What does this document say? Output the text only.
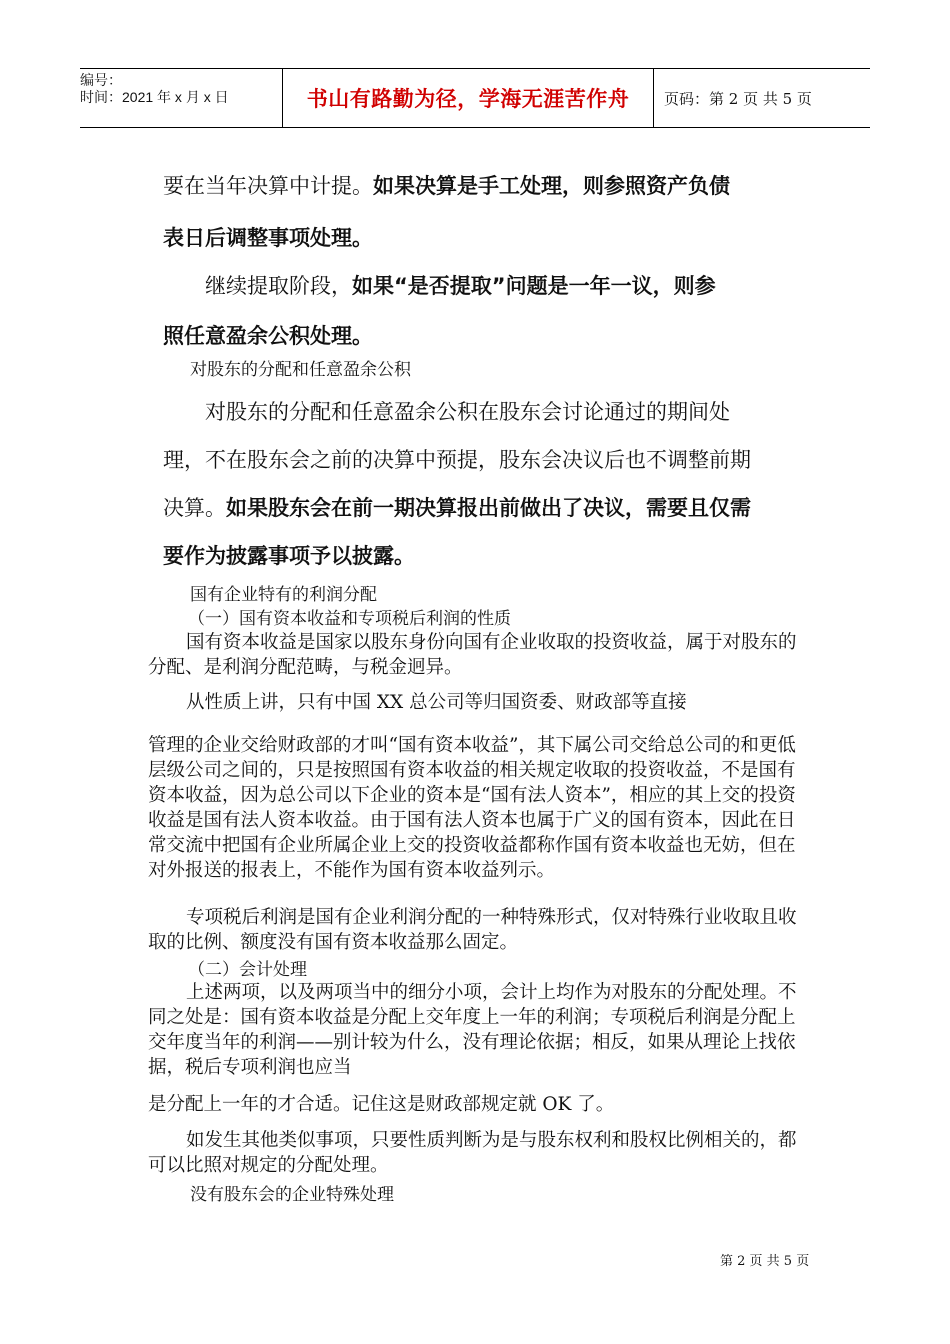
编号：
时间：2021 年 x 月 x 日	书山有路勤为径，学海无涯苦作舟	页码：第 2 页 共 5 页
要在当年决算中计提。如果决算是手工处理，则参照资产负债
表日后调整事项处理。
继续提取阶段，如果“是否提取”问题是一年一议，则参
照任意盈余公积处理。
对股东的分配和任意盈余公积
对股东的分配和任意盈余公积在股东会讨论通过的期间处
理，不在股东会之前的决算中预提，股东会决议后也不调整前期
决算。如果股东会在前一期决算报出前做出了决议，需要且仅需
要作为披露事项予以披露。
国有企业特有的利润分配
（一）国有资本收益和专项税后利润的性质
国有资本收益是国家以股东身份向国有企业收取的投资收益，属于对股东的分配、是利润分配范畴，与税金迥异。
从性质上讲，只有中国 XX 总公司等归国资委、财政部等直接
管理的企业交给财政部的才叫“国有资本收益”，其下属公司交给总公司的和更低层级公司之间的，只是按照国有资本收益的相关规定收取的投资收益，不是国有资本收益，因为总公司以下企业的资本是“国有法人资本”，相应的其上交的投资收益是国有法人资本收益。由于国有法人资本也属于广义的国有资本，因此在日常交流中把国有企业所属企业上交的投资收益都称作国有资本收益也无妨，但在对外报送的报表上，不能作为国有资本收益列示。
专项税后利润是国有企业利润分配的一种特殊形式，仅对特殊行业收取且收取的比例、额度没有国有资本收益那么固定。
（二）会计处理
上述两项，以及两项当中的细分小项，会计上均作为对股东的分配处理。不同之处是：国有资本收益是分配上交年度上一年的利润；专项税后利润是分配上交年度当年的利润——别计较为什么，没有理论依据；相反，如果从理论上找依据，税后专项利润也应当
是分配上一年的才合适。记住这是财政部规定就 OK 了。
如发生其他类似事项，只要性质判断为是与股东权利和股权比例相关的，都可以比照对规定的分配处理。
没有股东会的企业特殊处理
第 2 页 共 5 页
